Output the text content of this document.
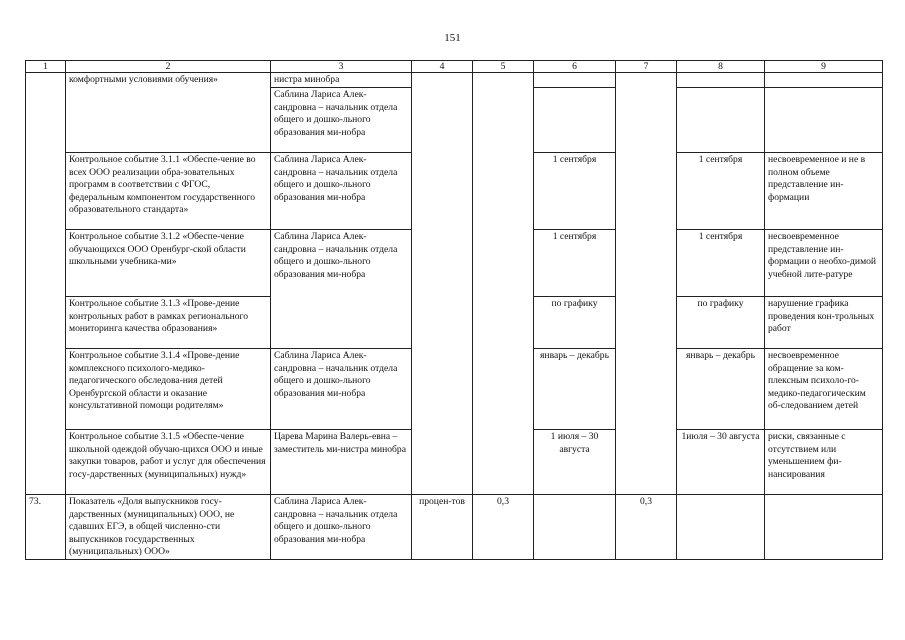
151
1	2	3	4	5	6	7	8	9
	комфортными условиями обучения»	нистра минобра						
		Саблина Лариса Алек-сандровна – начальник отдела общего и дошко-льного образования ми-нобра						
	Контрольное событие 3.1.1 «Обеспе-чение во всех ООО реализации обра-зовательных программ в соответствии с ФГОС, федеральным компонентом государственного образовательного стандарта»	Саблина Лариса Алек-сандровна – начальник отдела общего и дошко-льного образования ми-нобра			1 сентября		1 сентября	несвоевременное и не в полном объеме представление ин-формации
	Контрольное событие 3.1.2 «Обеспе-чение обучающихся ООО Оренбург-ской области школьными учебника-ми»	Саблина Лариса Алек-сандровна – начальник отдела общего и дошко-льного образования ми-нобра			1 сентября		1 сентября	несвоевременное представление ин-формации о необхо-димой учебной лите-ратуре
	Контрольное событие 3.1.3 «Прове-дение контрольных работ в рамках регионального мониторинга качества образования»				по графику		по графику	нарушение графика проведения кон-трольных работ
	Контрольное событие 3.1.4 «Прове-дение комплексного психолого-медико-педагогического обследова-ния детей Оренбургской области и оказание консультативной помощи родителям»	Саблина Лариса Алек-сандровна – начальник отдела общего и дошко-льного образования ми-нобра			январь – декабрь		январь – декабрь	несвоевременное обращение за ком-плексным психоло-го-медико-педагогическим об-следованием детей
	Контрольное событие 3.1.5 «Обеспе-чение школьной одеждой обучаю-щихся ООО и иные закупки товаров, работ и услуг для обеспечения госу-дарственных (муниципальных) нужд»	Царева Марина Валерь-евна – заместитель ми-нистра минобра			1 июля – 30 августа		1июля – 30 августа	риски, связанные с отсутствием или уменьшением фи-нансирования
73.	Показатель «Доля выпускников госу-дарственных (муниципальных) ООО, не сдавших ЕГЭ, в общей численно-сти выпускников государственных (муниципальных) ООО»	Саблина Лариса Алек-сандровна – начальник отдела общего и дошко-льного образования ми-нобра	процен-тов	0,3		0,3		
